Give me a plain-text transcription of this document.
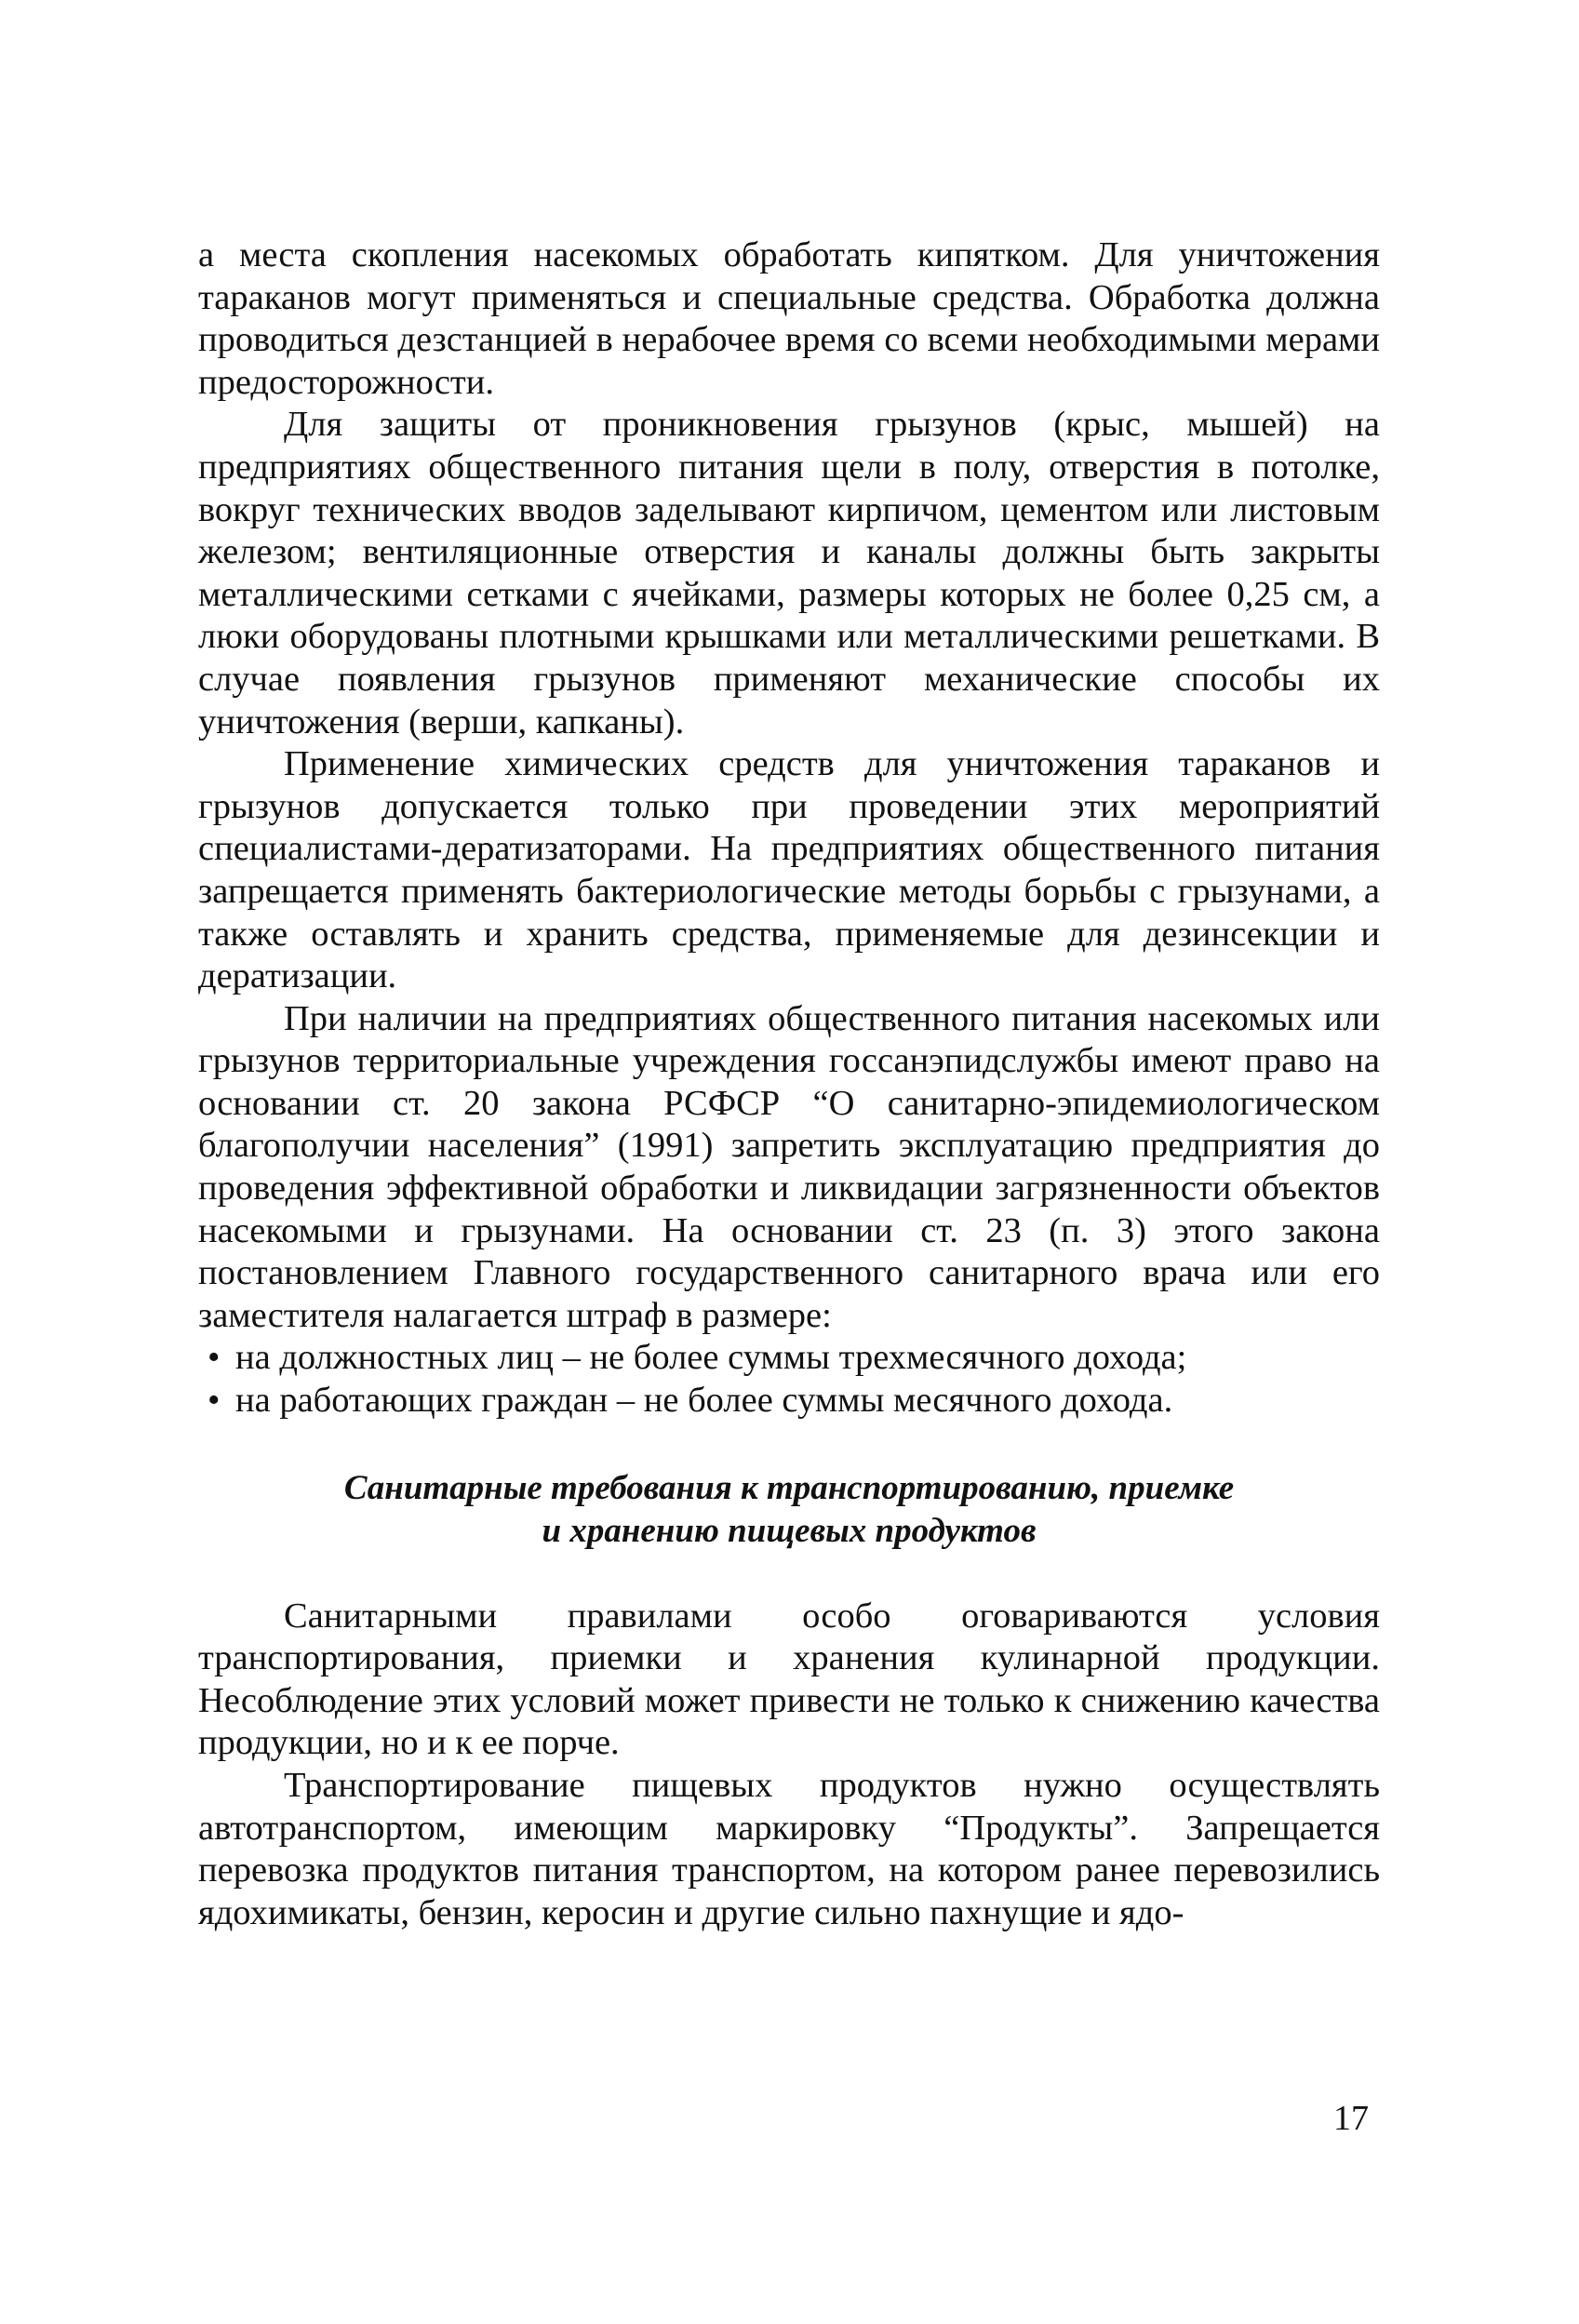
а места скопления насекомых обработать кипятком. Для уничтожения тараканов могут применяться и специальные средства. Обработка должна проводиться дезстанцией в нерабочее время со всеми необходимыми мерами предосторожности.

Для защиты от проникновения грызунов (крыс, мышей) на предприятиях общественного питания щели в полу, отверстия в потолке, вокруг технических вводов заделывают кирпичом, цементом или листовым железом; вентиляционные отверстия и каналы должны быть закрыты металлическими сетками с ячейками, размеры которых не более 0,25 см, а люки оборудованы плотными крышками или металлическими решетками. В случае появления грызунов применяют механические способы их уничтожения (верши, капканы).

Применение химических средств для уничтожения тараканов и грызунов допускается только при проведении этих мероприятий специалистами-дератизаторами. На предприятиях общественного питания запрещается применять бактериологические методы борьбы с грызунами, а также оставлять и хранить средства, применяемые для дезинсекции и дератизации.

При наличии на предприятиях общественного питания насекомых или грызунов территориальные учреждения госсанэпидслужбы имеют право на основании ст. 20 закона РСФСР “О санитарно-эпидемиологическом благополучии населения” (1991) запретить эксплуатацию предприятия до проведения эффективной обработки и ликвидации загрязненности объектов насекомыми и грызунами. На основании ст. 23 (п. 3) этого закона постановлением Главного государственного санитарного врача или его заместителя налагается штраф в размере:

• на должностных лиц – не более суммы трехмесячного дохода;
• на работающих граждан – не более суммы месячного дохода.
Санитарные требования к транспортированию, приемке
и хранению пищевых продуктов

Санитарными правилами особо оговариваются условия транспортирования, приемки и хранения кулинарной продукции. Несоблюдение этих условий может привести не только к снижению качества продукции, но и к ее порче.

Транспортирование пищевых продуктов нужно осуществлять автотранспортом, имеющим маркировку “Продукты”. Запрещается перевозка продуктов питания транспортом, на котором ранее перевозились ядохимикаты, бензин, керосин и другие сильно пахнущие и ядо-

17
